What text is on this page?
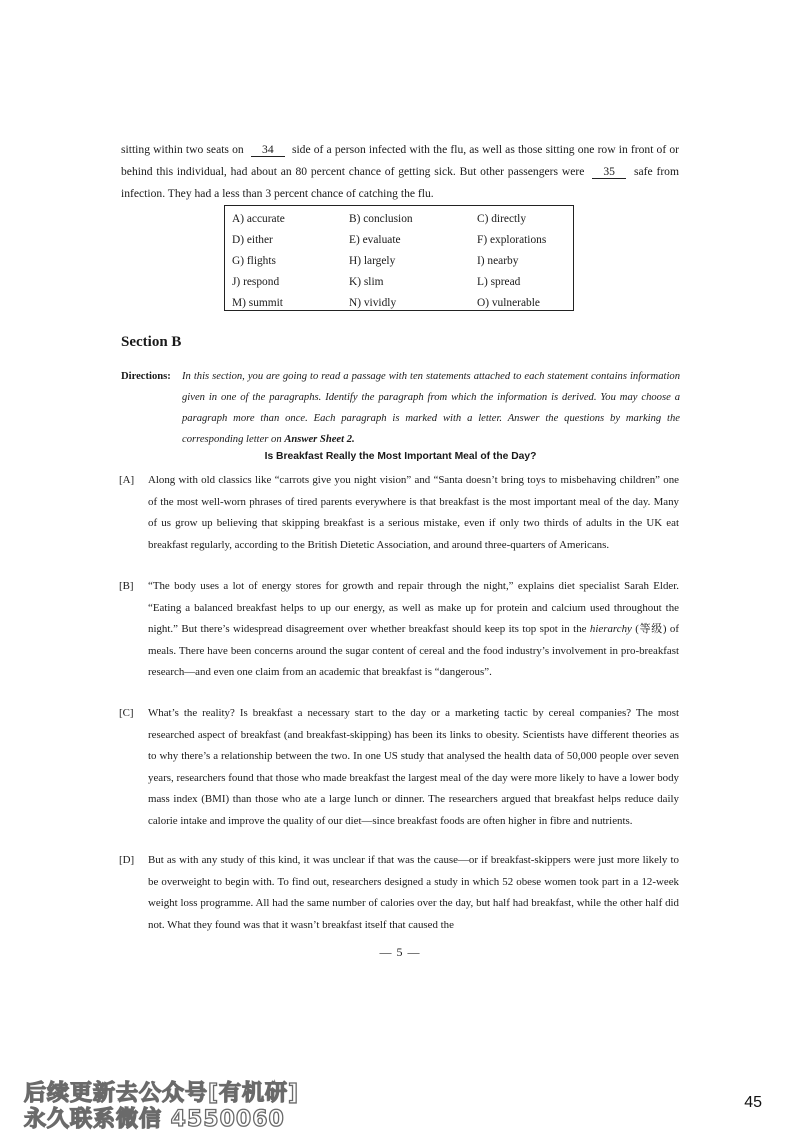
sitting within two seats on 34 side of a person infected with the flu, as well as those sitting one row in front of or behind this individual, had about an 80 percent chance of getting sick. But other passengers were 35 safe from infection. They had a less than 3 percent chance of catching the flu.
A) accurate	B) conclusion	C) directly
D) either	E) evaluate	F) explorations
G) flights	H) largely	I) nearby
J) respond	K) slim	L) spread
M) summit	N) vividly	O) vulnerable
Section B
Directions: In this section, you are going to read a passage with ten statements attached to each statement contains information given in one of the paragraphs. Identify the paragraph from which the information is derived. You may choose a paragraph more than once. Each paragraph is marked with a letter. Answer the questions by marking the corresponding letter on Answer Sheet 2.
Is Breakfast Really the Most Important Meal of the Day?
[A] Along with old classics like “carrots give you night vision” and “Santa doesn’t bring toys to misbehaving children” one of the most well-worn phrases of tired parents everywhere is that breakfast is the most important meal of the day. Many of us grow up believing that skipping breakfast is a serious mistake, even if only two thirds of adults in the UK eat breakfast regularly, according to the British Dietetic Association, and around three-quarters of Americans.
[B] “The body uses a lot of energy stores for growth and repair through the night,” explains diet specialist Sarah Elder. “Eating a balanced breakfast helps to up our energy, as well as make up for protein and calcium used throughout the night.” But there’s widespread disagreement over whether breakfast should keep its top spot in the hierarchy (等级) of meals. There have been concerns around the sugar content of cereal and the food industry’s involvement in pro-breakfast research—and even one claim from an academic that breakfast is “dangerous”.
[C] What’s the reality? Is breakfast a necessary start to the day or a marketing tactic by cereal companies? The most researched aspect of breakfast (and breakfast-skipping) has been its links to obesity. Scientists have different theories as to why there’s a relationship between the two. In one US study that analysed the health data of 50,000 people over seven years, researchers found that those who made breakfast the largest meal of the day were more likely to have a lower body mass index (BMI) than those who ate a large lunch or dinner. The researchers argued that breakfast helps reduce daily calorie intake and improve the quality of our diet—since breakfast foods are often higher in fibre and nutrients.
[D] But as with any study of this kind, it was unclear if that was the cause—or if breakfast-skippers were just more likely to be overweight to begin with. To find out, researchers designed a study in which 52 obese women took part in a 12-week weight loss programme. All had the same number of calories over the day, but half had breakfast, while the other half did not. What they found was that it wasn’t breakfast itself that caused the
— 5 —
后续更新去公众号[有机研]
永久联系微信 4550060
45
